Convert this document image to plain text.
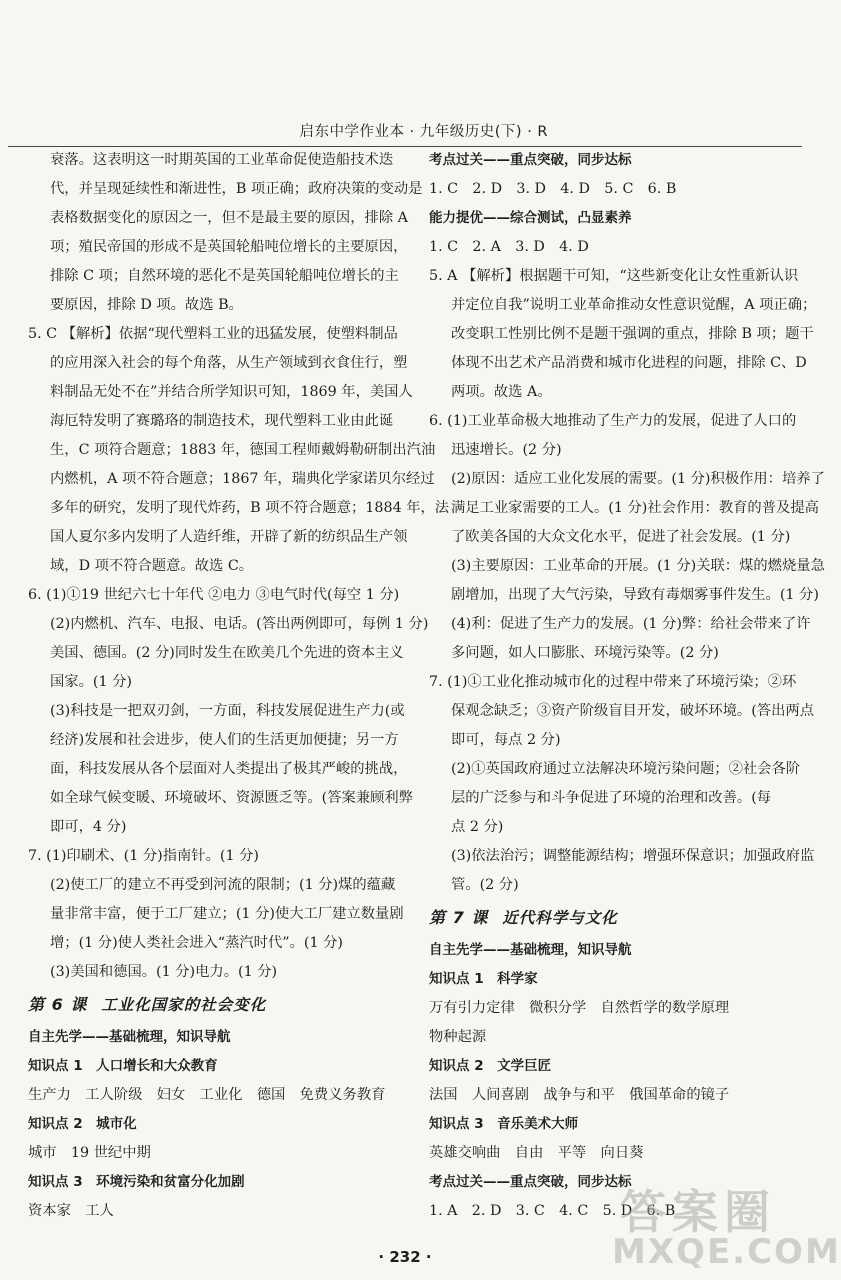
启东中学作业本 · 九年级历史(下) · R
衰落。这表明这一时期英国的工业革命促使造船技术迭
代，并呈现延续性和渐进性，B 项正确；政府决策的变动是
表格数据变化的原因之一，但不是最主要的原因，排除 A
项；殖民帝国的形成不是英国轮船吨位增长的主要原因，
排除 C 项；自然环境的恶化不是英国轮船吨位增长的主
要原因，排除 D 项。故选 B。
5. C 【解析】依据“现代塑料工业的迅猛发展，使塑料制品
的应用深入社会的每个角落，从生产领域到衣食住行，塑
料制品无处不在”并结合所学知识可知，1869 年，美国人
海厄特发明了赛璐珞的制造技术，现代塑料工业由此诞
生，C 项符合题意；1883 年，德国工程师戴姆勒研制出汽油
内燃机，A 项不符合题意；1867 年，瑞典化学家诺贝尔经过
多年的研究，发明了现代炸药，B 项不符合题意；1884 年，法
国人夏尔多内发明了人造纤维，开辟了新的纺织品生产领
域，D 项不符合题意。故选 C。
6. (1)①19 世纪六七十年代 ②电力 ③电气时代(每空 1 分)
(2)内燃机、汽车、电报、电话。(答出两例即可，每例 1 分)
美国、德国。(2 分)同时发生在欧美几个先进的资本主义
国家。(1 分)
(3)科技是一把双刃剑，一方面，科技发展促进生产力(或
经济)发展和社会进步，使人们的生活更加便捷；另一方
面，科技发展从各个层面对人类提出了极其严峻的挑战，
如全球气候变暖、环境破坏、资源匮乏等。(答案兼顾利弊
即可，4 分)
7. (1)印刷术、(1 分)指南针。(1 分)
(2)使工厂的建立不再受到河流的限制；(1 分)煤的蕴藏
量非常丰富，便于工厂建立；(1 分)使大工厂建立数量剧
增；(1 分)使人类社会进入“蒸汽时代”。(1 分)
(3)美国和德国。(1 分)电力。(1 分)
第 6 课 工业化国家的社会变化
自主先学——基础梳理，知识导航
知识点 1　人口增长和大众教育
生产力　工人阶级　妇女　工业化　德国　免费义务教育
知识点 2　城市化
城市　19 世纪中期
知识点 3　环境污染和贫富分化加剧
资本家　工人
考点过关——重点突破，同步达标
1. C　2. D　3. D　4. D　5. C　6. B
能力提优——综合测试，凸显素养
1. C　2. A　3. D　4. D
5. A 【解析】根据题干可知，“这些新变化让女性重新认识
并定位自我”说明工业革命推动女性意识觉醒，A 项正确；
改变职工性别比例不是题干强调的重点，排除 B 项；题干
体现不出艺术产品消费和城市化进程的问题，排除 C、D
两项。故选 A。
6. (1)工业革命极大地推动了生产力的发展，促进了人口的
迅速增长。(2 分)
(2)原因：适应工业化发展的需要。(1 分)积极作用：培养了
满足工业家需要的工人。(1 分)社会作用：教育的普及提高
了欧美各国的大众文化水平，促进了社会发展。(1 分)
(3)主要原因：工业革命的开展。(1 分)关联：煤的燃烧量急
剧增加，出现了大气污染，导致有毒烟雾事件发生。(1 分)
(4)利：促进了生产力的发展。(1 分)弊：给社会带来了许
多问题，如人口膨胀、环境污染等。(2 分)
7. (1)①工业化推动城市化的过程中带来了环境污染；②环
保观念缺乏；③资产阶级盲目开发，破坏环境。(答出两点
即可，每点 2 分)
(2)①英国政府通过立法解决环境污染问题；②社会各阶
层的广泛参与和斗争促进了环境的治理和改善。(每
点 2 分)
(3)依法治污；调整能源结构；增强环保意识；加强政府监
管。(2 分)
第 7 课 近代科学与文化
自主先学——基础梳理，知识导航
知识点 1　科学家
万有引力定律　微积分学　自然哲学的数学原理
物种起源
知识点 2　文学巨匠
法国　人间喜剧　战争与和平　俄国革命的镜子
知识点 3　音乐美术大师
英雄交响曲　自由　平等　向日葵
考点过关——重点突破，同步达标
1. A　2. D　3. C　4. C　5. D　6. B
· 232 ·
答案圈
MXQE.COM
